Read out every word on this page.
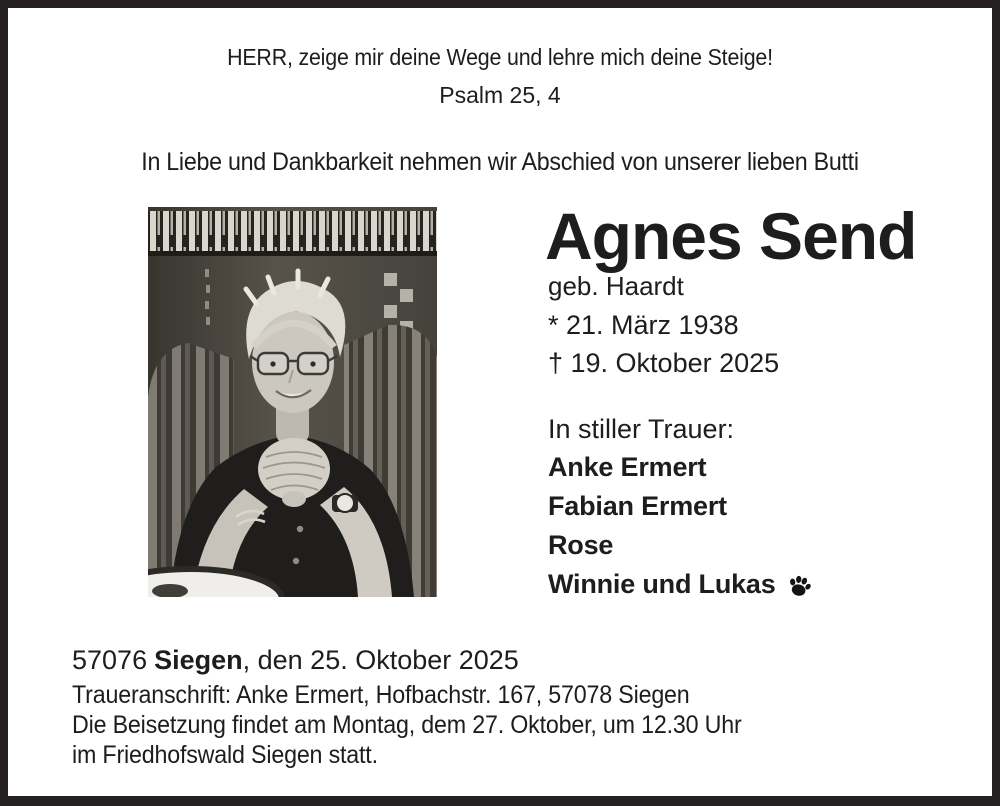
HERR, zeige mir deine Wege und lehre mich deine Steige!
Psalm 25, 4
In Liebe und Dankbarkeit nehmen wir Abschied von unserer lieben Butti
Agnes Send
geb. Haardt
* 21. März 1938
† 19. Oktober 2025
In stiller Trauer:
Anke Ermert
Fabian Ermert
Rose
Winnie und Lukas
57076 Siegen, den 25. Oktober 2025
Traueranschrift: Anke Ermert, Hofbachstr. 167, 57078 Siegen
Die Beisetzung findet am Montag, dem 27. Oktober, um 12.30 Uhr
im Friedhofswald Siegen statt.
